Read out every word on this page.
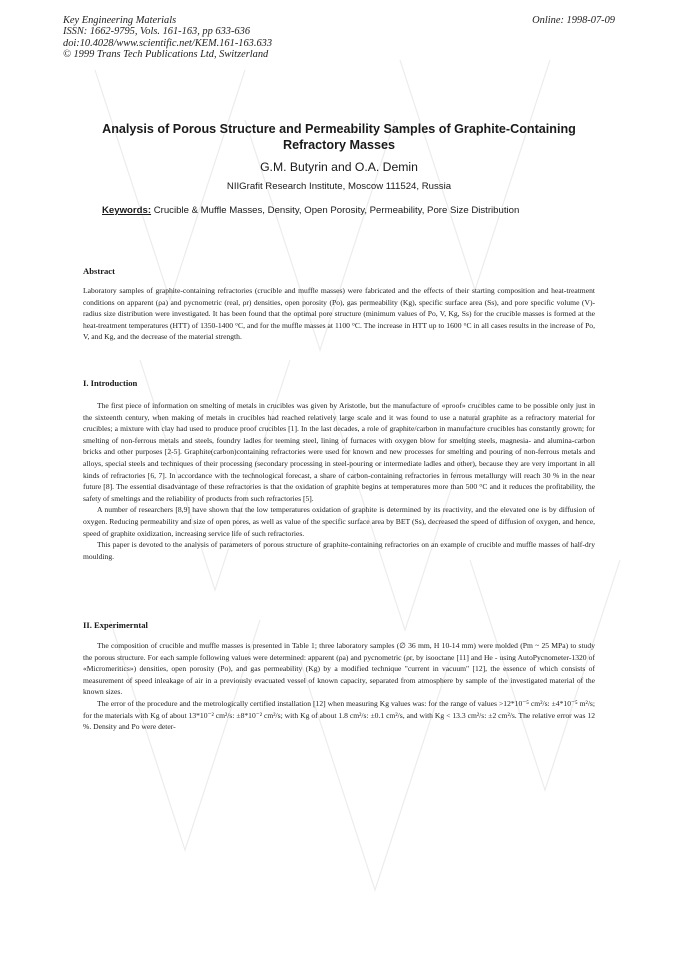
Key Engineering Materials
ISSN: 1662-9795, Vols. 161-163, pp 633-636
doi:10.4028/www.scientific.net/KEM.161-163.633
© 1999 Trans Tech Publications Ltd, Switzerland
Online: 1998-07-09
Analysis of Porous Structure and Permeability Samples of Graphite-Containing Refractory Masses
G.M. Butyrin and O.A. Demin
NIIGrafit Research Institute, Moscow 111524, Russia
Keywords: Crucible & Muffle Masses, Density, Open Porosity, Permeability, Pore Size Distribution

Abstract

Laboratory samples of graphite-containing refractories (crucible and muffle masses) were fabricated and the effects of their starting composition and heat-treatment conditions on apparent (ρa) and pycnometric (real, ρr) densities, open porosity (Po), gas permeability (Kg), specific surface area (Ss), and pore specific volume (V)-radius size distribution were investigated. It has been found that the optimal pore structure (minimum values of Po, V, Kg, Ss) for the crucible masses is formed at the heat-treatment temperatures (HTT) of 1350-1400 °C, and for the muffle masses at 1100 °C. The increase in HTT up to 1600 °C in all cases results in the increase of Po, V, and Kg, and the decrease of the material strength.

I. Introduction

The first piece of information on smelting of metals in crucibles was given by Aristotle, but the manufacture of «proof» crucibles came to be possible only just in the sixteenth century, when making of metals in crucibles had reached relatively large scale and it was found to use a natural graphite as a refractory material for crucibles; a mixture with clay had used to produce proof crucibles [1]. In the last decades, a role of graphite/carbon in manufacture crucibles has constantly grown; for smelting of non-ferrous metals and steels, foundry ladles for teeming steel, lining of furnaces with oxygen blow for smelting steels, magnesia- and alumina-carbon bricks and other purposes [2-5]. Graphite(carbon)containing refractories were used for known and new processes for smelting and pouring of non-ferrous metals and alloys, special steels and techniques of their processing (secondary processing in steel-pouring or intermediate ladles and other), because they are very important in all kinds of refractories [6, 7]. In accordance with the technological forecast, a share of carbon-containing refractories in ferrous metallurgy will reach 30 % in the near future [8]. The essential disadvantage of these refractories is that the oxidation of graphite begins at temperatures more than 500 °C and it reduces the profitability, the safety of smeltings and the reliability of products from such refractories [5].

A number of researchers [8,9] have shown that the low temperatures oxidation of graphite is determined by its reactivity, and the elevated one is by diffusion of oxygen. Reducing permeability and size of open pores, as well as value of the specific surface area by BET (Ss), decreased the speed of diffusion of oxygen, and hence, speed of graphite oxidization, increasing service life of such refractories.

This paper is devoted to the analysis of parameters of porous structure of graphite-containing refractories on an example of crucible and muffle masses of half-dry moulding.

II. Experimerntal

The composition of crucible and muffle masses is presented in Table 1; three laboratory samples (∅ 36 mm, H 10-14 mm) were molded (Pm ~ 25 MPa) to study the porous structure. For each sample following values were determined: apparent (ρa) and pycnometric (ρr, by isooctane [11] and He - using AutoPycnometer-1320 of «Micromeritics») densities, open porosity (Po), and gas permeability (Kg) by a modified technique "current in vacuum" [12], the essence of which consists of measurement of speed inleakage of air in a previously evacuated vessel of known capacity, separated from atmosphere by sample of the investigated material of the known sizes.

The error of the procedure and the metrologically certified installation [12] when measuring Kg values was: for the range of values >12*10⁻⁵ cm²/s: ±4*10⁻⁵ m²/s; for the materials with Kg of about 13*10⁻² cm²/s: ±8*10⁻² cm²/s; with Kg of about 1.8 cm²/s: ±0.1 cm²/s, and with Kg < 13.3 cm²/s: ±2 cm²/s. The relative error was 12 %. Density and Po were deter-
